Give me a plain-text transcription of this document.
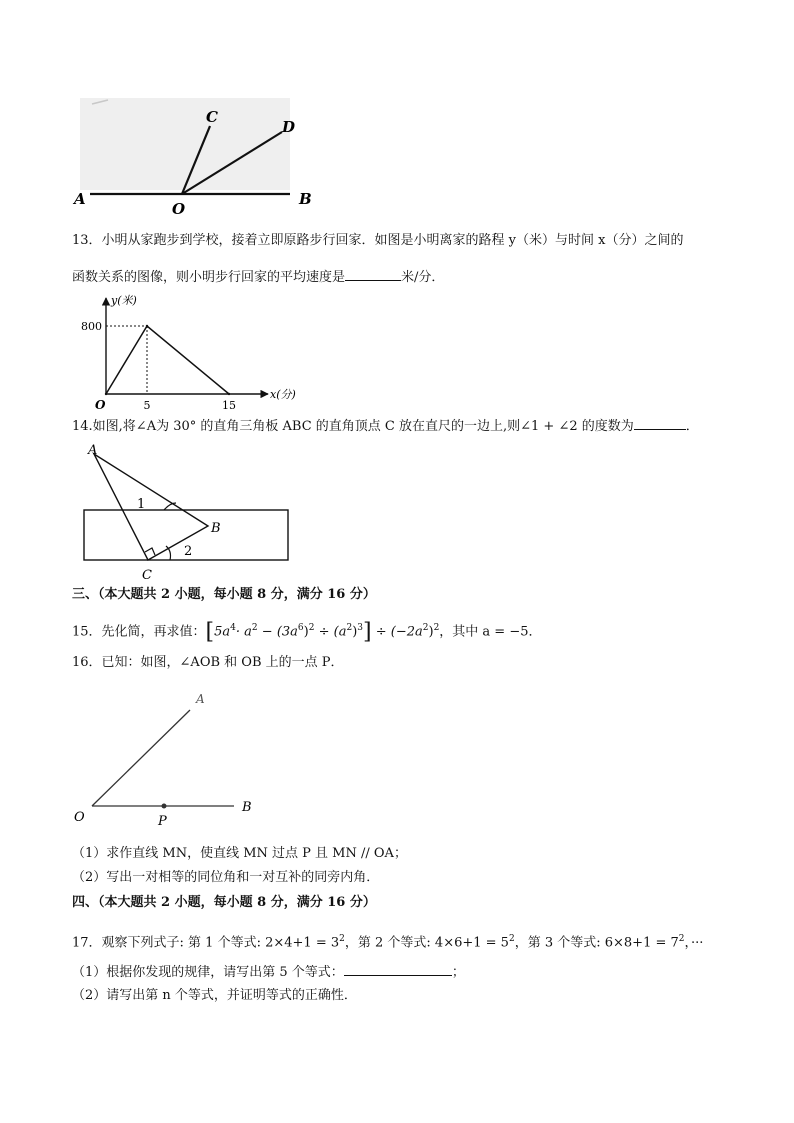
A
O
B
C
D
13．小明从家跑步到学校，接着立即原路步行回家．如图是小明离家的路程 y（米）与时间 x（分）之间的
函数关系的图像，则小明步行回家的平均速度是	米/分．
x(分)
y(米)
O	5	15
800
14.如图,将∠A为 30° 的直角三角板 ABC 的直角顶点 C 放在直尺的一边上,则∠1 + ∠2 的度数为	．
A
B
C
1
2
三、（本大题共 2 小题，每小题 8 分，满分 16 分）
15．先化简，再求值：$[5a^4\cdot a^2 - (3a^6)^2 \div (a^2)^3] \div (-2a^2)^2$，其中 a = −5．
16．已知：如图，∠AOB 和 OB 上的一点 P．
A
O	P
B
（1）求作直线 MN，使直线 MN 过点 P 且 MN // OA；
（2）写出一对相等的同位角和一对互补的同旁内角．
四、（本大题共 2 小题，每小题 8 分，满分 16 分）
17．观察下列式子: 第 1 个等式: $2\times 4+1 = 3^2$，第 2 个等式: $4\times 6+1 = 5^2$，第 3 个等式: $6\times 8+1 = 7^2$，···
（1）根据你发现的规律，请写出第 5 个等式：	；
（2）请写出第 n 个等式，并证明等式的正确性．
